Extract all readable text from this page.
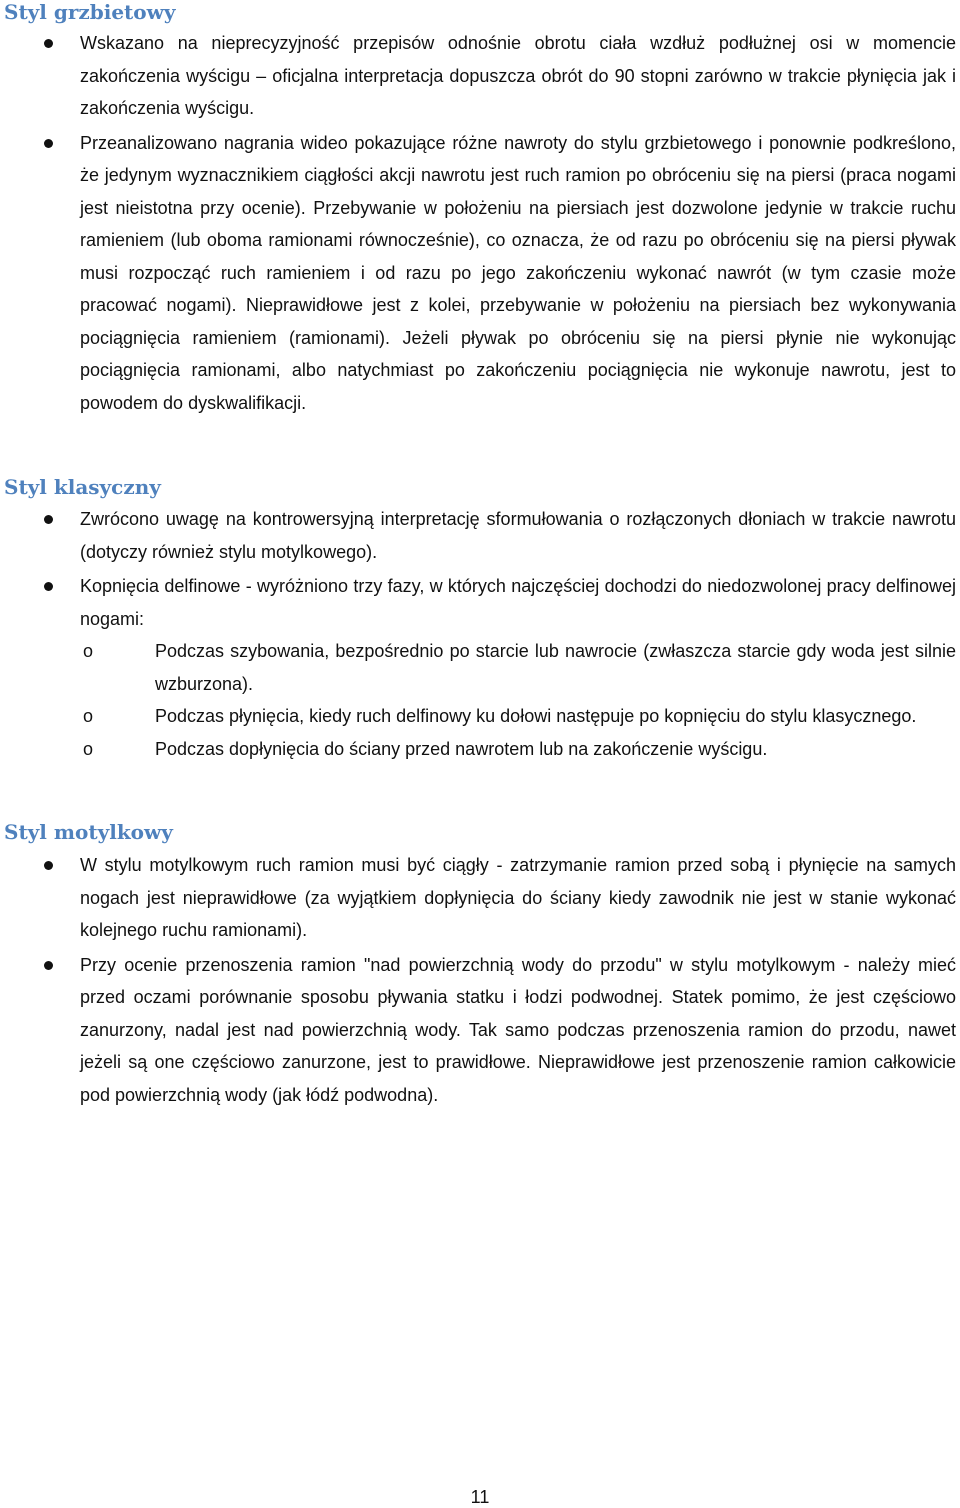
Styl grzbietowy
Wskazano na nieprecyzyjność przepisów odnośnie obrotu ciała wzdłuż podłużnej osi w momencie zakończenia wyścigu – oficjalna interpretacja dopuszcza obrót do 90 stopni zarówno w trakcie płynięcia jak i zakończenia wyścigu.
Przeanalizowano nagrania wideo pokazujące różne nawroty do stylu grzbietowego i ponownie podkreślono, że jedynym wyznacznikiem ciągłości akcji nawrotu jest ruch ramion po obróceniu się na piersi (praca nogami jest nieistotna przy ocenie). Przebywanie w położeniu na piersiach jest dozwolone jedynie w trakcie ruchu ramieniem (lub oboma ramionami równocześnie), co oznacza, że od razu po obróceniu się na piersi pływak musi rozpocząć ruch ramieniem i od razu po jego zakończeniu wykonać nawrót (w tym czasie może pracować nogami). Nieprawidłowe jest z kolei, przebywanie w położeniu na piersiach bez wykonywania pociągnięcia ramieniem (ramionami). Jeżeli pływak po obróceniu się na piersi płynie nie wykonując pociągnięcia ramionami, albo natychmiast po zakończeniu pociągnięcia nie wykonuje nawrotu, jest to powodem do dyskwalifikacji.
Styl klasyczny
Zwrócono uwagę na kontrowersyjną interpretację sformułowania o rozłączonych dłoniach w trakcie nawrotu (dotyczy również stylu motylkowego).
Kopnięcia delfinowe - wyróżniono trzy fazy, w których najczęściej dochodzi do niedozwolonej pracy delfinowej nogami:
o	Podczas szybowania, bezpośrednio po starcie lub nawrocie (zwłaszcza starcie gdy woda jest silnie wzburzona).
o	Podczas płynięcia, kiedy ruch delfinowy ku dołowi następuje po kopnięciu do stylu klasycznego.
o	Podczas dopłynięcia do ściany przed nawrotem lub na zakończenie wyścigu.
Styl motylkowy
W stylu motylkowym ruch ramion musi być ciągły - zatrzymanie ramion przed sobą i płynięcie na samych nogach jest nieprawidłowe (za wyjątkiem dopłynięcia do ściany kiedy zawodnik nie jest w stanie wykonać kolejnego ruchu ramionami).
Przy ocenie przenoszenia ramion "nad powierzchnią wody do przodu" w stylu motylkowym - należy mieć przed oczami porównanie sposobu pływania statku i łodzi podwodnej. Statek pomimo, że jest częściowo zanurzony, nadal jest nad powierzchnią wody. Tak samo podczas przenoszenia ramion do przodu, nawet jeżeli są one częściowo zanurzone, jest to prawidłowe. Nieprawidłowe jest przenoszenie ramion całkowicie pod powierzchnią wody (jak łódź podwodna).
11
